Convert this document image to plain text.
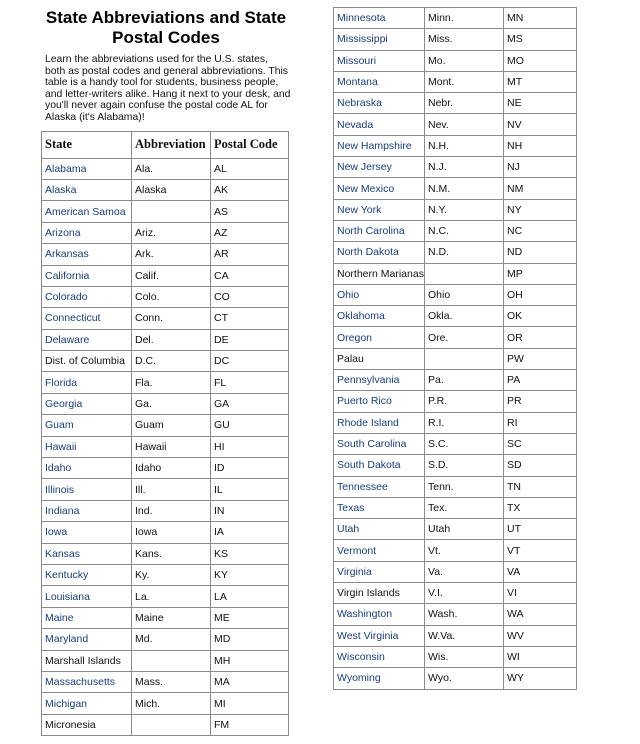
State Abbreviations and State Postal Codes
Learn the abbreviations used for the U.S. states, both as postal codes and general abbreviations. This table is a handy tool for students, business people, and letter-writers alike. Hang it next to your desk, and you'll never again confuse the postal code AL for Alaska (it's Alabama)!
State	Abbreviation	Postal Code
Alabama	Ala.	AL
Alaska	Alaska	AK
American Samoa		AS
Arizona	Ariz.	AZ
Arkansas	Ark.	AR
California	Calif.	CA
Colorado	Colo.	CO
Connecticut	Conn.	CT
Delaware	Del.	DE
Dist. of Columbia	D.C.	DC
Florida	Fla.	FL
Georgia	Ga.	GA
Guam	Guam	GU
Hawaii	Hawaii	HI
Idaho	Idaho	ID
Illinois	Ill.	IL
Indiana	Ind.	IN
Iowa	Iowa	IA
Kansas	Kans.	KS
Kentucky	Ky.	KY
Louisiana	La.	LA
Maine	Maine	ME
Maryland	Md.	MD
Marshall Islands		MH
Massachusetts	Mass.	MA
Michigan	Mich.	MI
Micronesia		FM
Minnesota	Minn.	MN
Mississippi	Miss.	MS
Missouri	Mo.	MO
Montana	Mont.	MT
Nebraska	Nebr.	NE
Nevada	Nev.	NV
New Hampshire	N.H.	NH
New Jersey	N.J.	NJ
New Mexico	N.M.	NM
New York	N.Y.	NY
North Carolina	N.C.	NC
North Dakota	N.D.	ND
Northern Marianas		MP
Ohio	Ohio	OH
Oklahoma	Okla.	OK
Oregon	Ore.	OR
Palau		PW
Pennsylvania	Pa.	PA
Puerto Rico	P.R.	PR
Rhode Island	R.I.	RI
South Carolina	S.C.	SC
South Dakota	S.D.	SD
Tennessee	Tenn.	TN
Texas	Tex.	TX
Utah	Utah	UT
Vermont	Vt.	VT
Virginia	Va.	VA
Virgin Islands	V.I.	VI
Washington	Wash.	WA
West Virginia	W.Va.	WV
Wisconsin	Wis.	WI
Wyoming	Wyo.	WY
